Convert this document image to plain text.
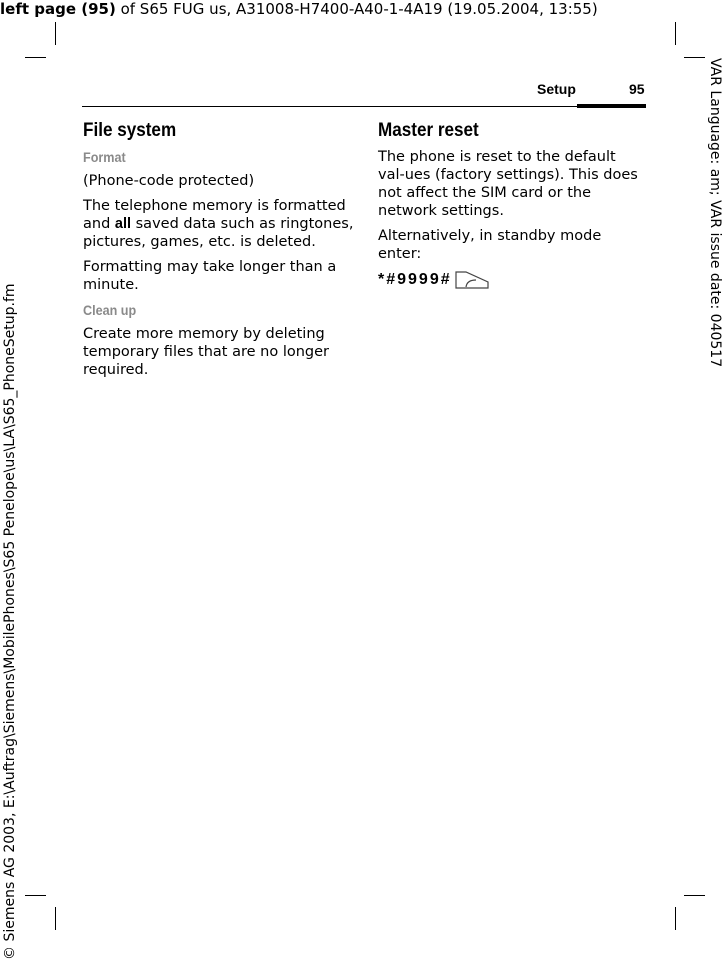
left page (95) of S65 FUG us, A31008-H7400-A40-1-4A19 (19.05.2004, 13:55)
VAR Language: am; VAR issue date: 040517
© Siemens AG 2003, E:\Auftrag\Siemens\MobilePhones\S65 Penelope\us\LA\S65_PhoneSetup.fm
Setup	95
File system
Format

(Phone-code protected)

The telephone memory is formatted and all saved data such as ringtones, pictures, games, etc. is deleted.

Formatting may take longer than a minute.

Clean up

Create more memory by deleting temporary files that are no longer required.

Master reset

The phone is reset to the default val-ues (factory settings). This does not affect the SIM card or the network settings.

Alternatively, in standby mode enter:

*#9999#
